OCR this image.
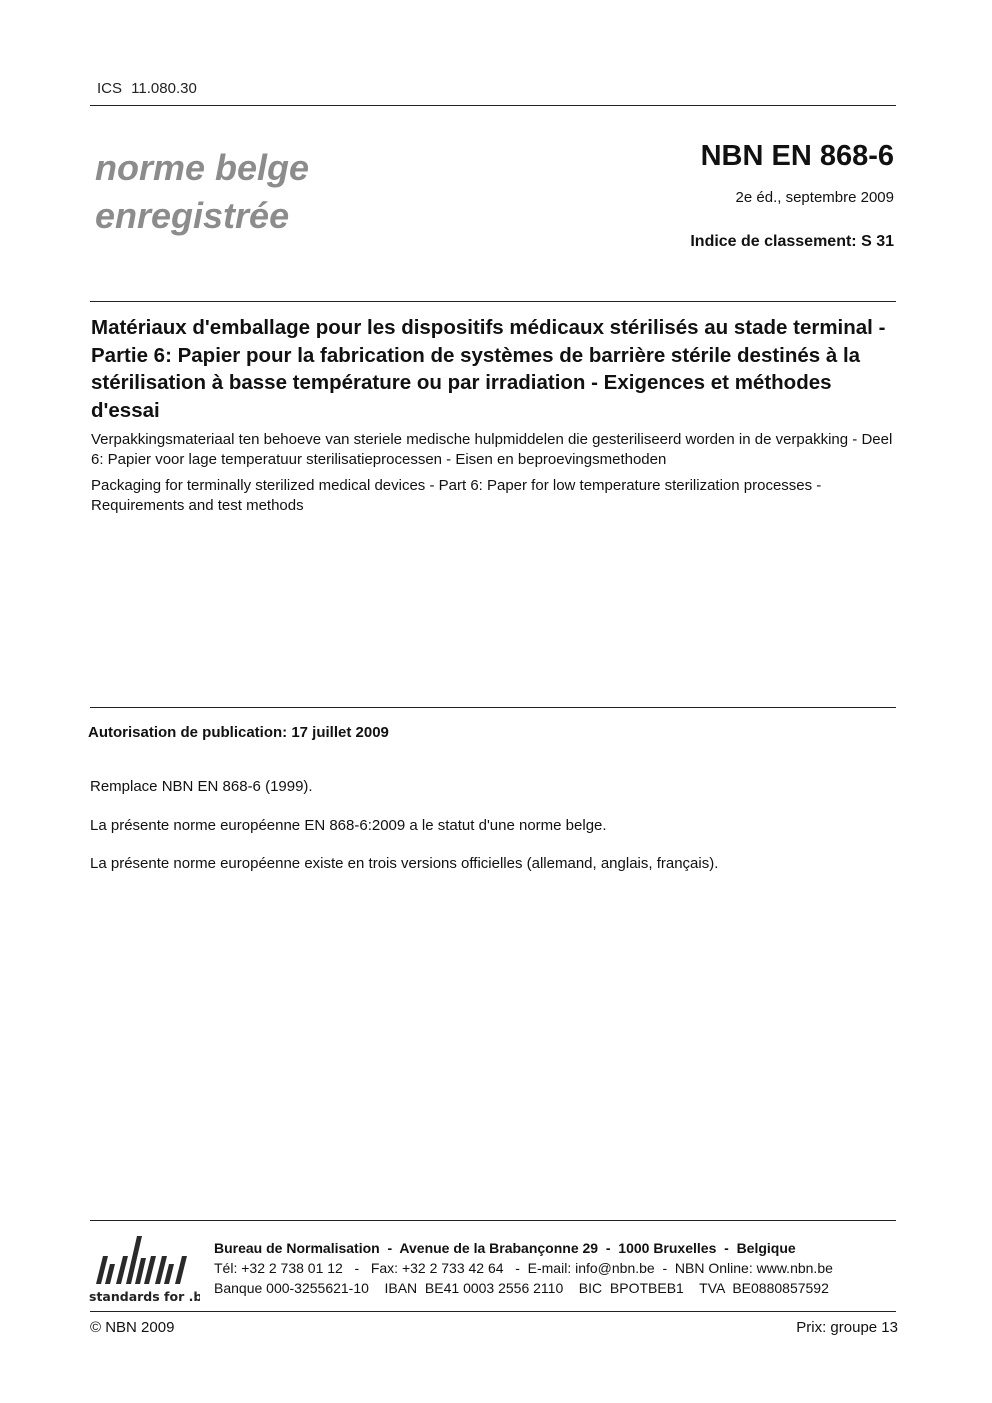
ICS 11.080.30
norme belge
enregistrée
NBN EN 868-6
2e éd., septembre 2009
Indice de classement: S 31
Matériaux d'emballage pour les dispositifs médicaux stérilisés au stade terminal - Partie 6: Papier pour la fabrication de systèmes de barrière stérile destinés à la stérilisation à basse température ou par irradiation - Exigences et méthodes d'essai
Verpakkingsmateriaal ten behoeve van steriele medische hulpmiddelen die gesteriliseerd worden in de verpakking - Deel 6: Papier voor lage temperatuur sterilisatieprocessen - Eisen en beproevingsmethoden
Packaging for terminally sterilized medical devices - Part 6: Paper for low temperature sterilization processes - Requirements and test methods
Autorisation de publication: 17 juillet 2009
Remplace NBN EN 868-6 (1999).
La présente norme européenne EN 868-6:2009 a le statut d'une norme belge.
La présente norme européenne existe en trois versions officielles (allemand, anglais, français).
standards for .be
Bureau de Normalisation  -  Avenue de la Brabançonne 29  -  1000 Bruxelles  -  Belgique
Tél: +32 2 738 01 12   -   Fax: +32 2 733 42 64   -  E-mail: info@nbn.be  -  NBN Online: www.nbn.be
Banque 000-3255621-10    IBAN  BE41 0003 2556 2110    BIC  BPOTBEB1    TVA  BE0880857592
© NBN 2009	Prix: groupe 13
